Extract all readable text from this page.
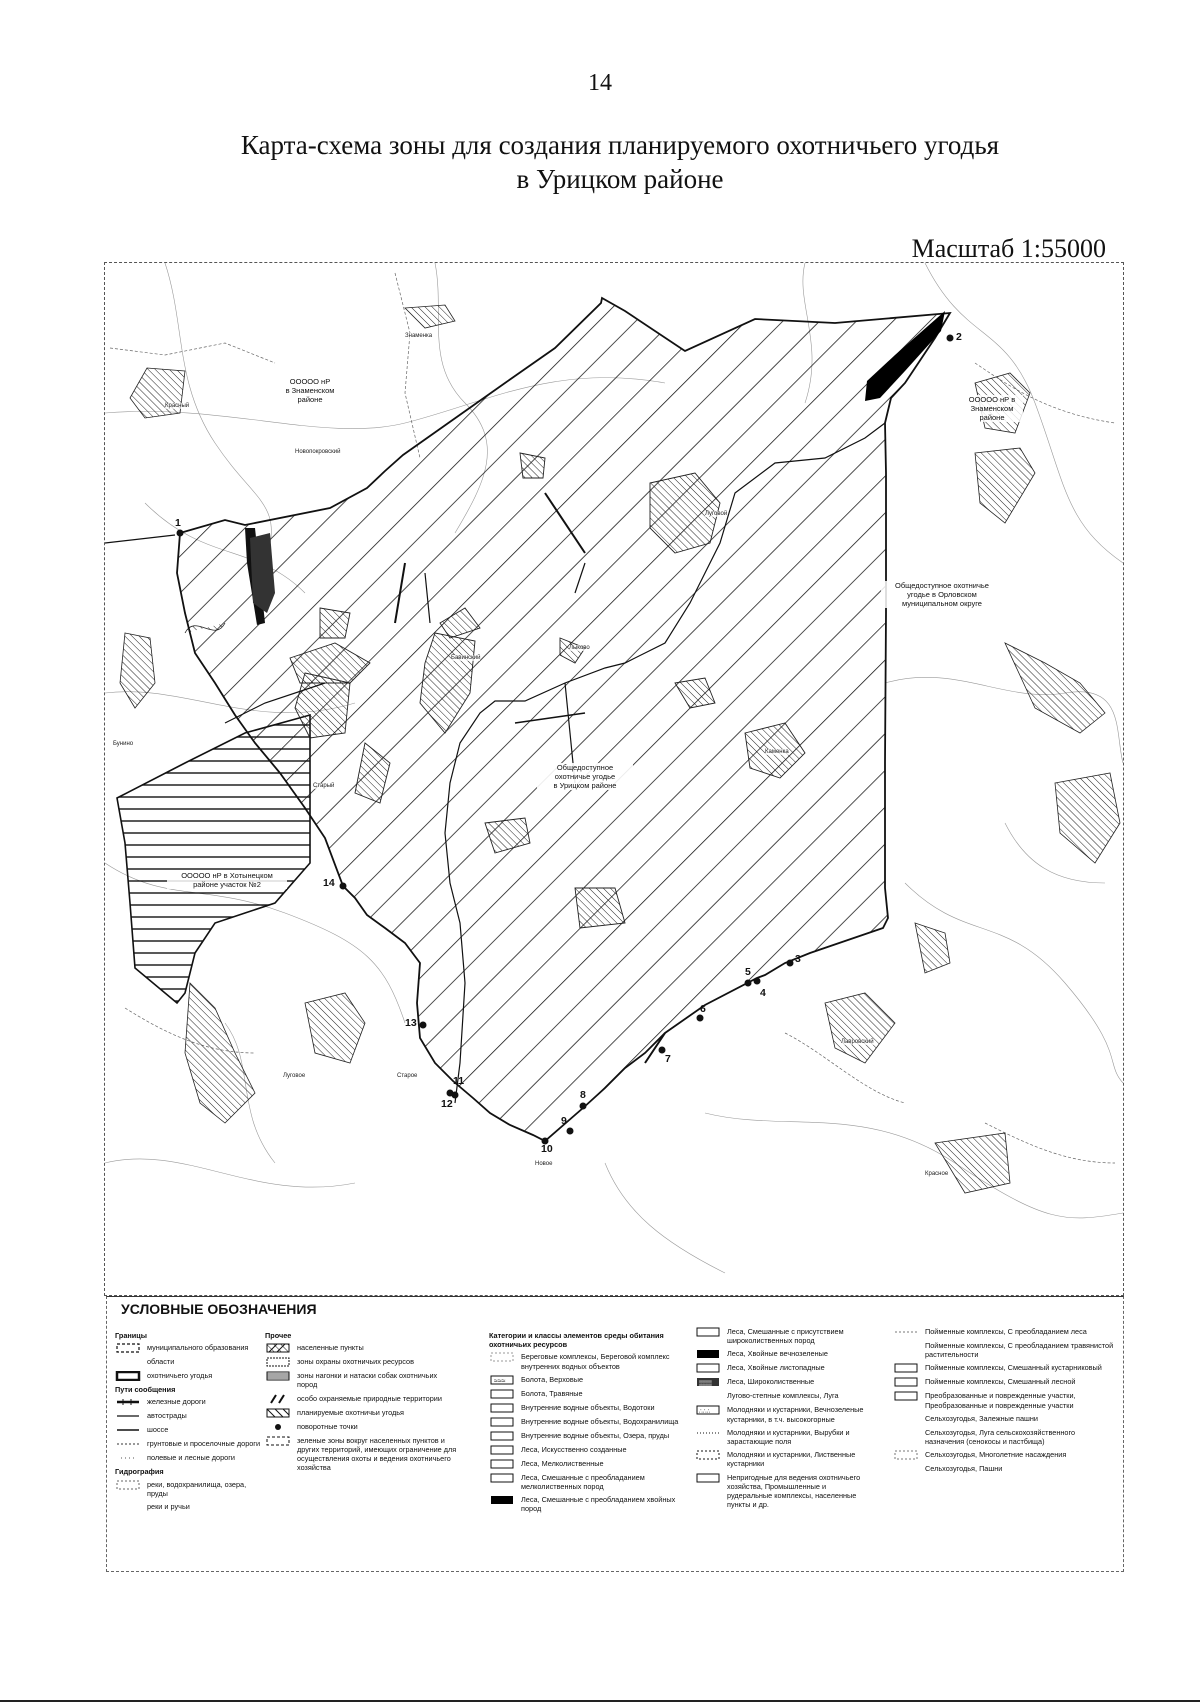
14
Карта-схема зоны для создания планируемого охотничьего угодья
в Урицком районе
Масштаб 1:55000
ООООО нР
в Знаменском
районе	ООООО нР в
Знаменском
районе
Общедоступное охотничье
угодье в Орловском
муниципальном округе
Общедоступное
охотничье угодье
в Урицком районе
ООООО нР в Хотынецком
районе участок №2
Новопокровский
Знаменка
Красный
Старый
Бавинский
Луговой
Лыково
Каменка
Бунино
Старое
Новое
Луговое
Красное
Лавровский
1
2
3
4
5
6
7
8
9
10
11
12
13
14
УСЛОВНЫЕ ОБОЗНАЧЕНИЯ
Границы
муниципального образования
области
охотничьего угодья
Пути сообщения
железные дороги
автострады
шоссе
грунтовые и проселочные дороги
полевые и лесные дороги
Гидрография
реки, водохранилища, озера, пруды
реки и ручьи
Прочее
населенные пункты
зоны охраны охотничьих ресурсов
зоны нагонки и натаски собак охотничьих пород
особо охраняемые природные территории
планируемые охотничьи угодья
поворотные точки
зеленые зоны вокруг населенных пунктов и других территорий, имеющих ограничение для осуществления охоты и ведения охотничьего хозяйства
Категории и классы элементов среды обитания охотничьих ресурсов
Береговые комплексы, Береговой комплекс внутренних водных объектов
≈≈≈ Болота, Верховые
Болота, Травяные
Внутренние водные объекты, Водотоки
Внутренние водные объекты, Водохранилища
Внутренние водные объекты, Озера, пруды
Леса, Искусственно созданные
Леса, Мелколиственные
Леса, Смешанные с преобладанием мелколиственных пород
Леса, Смешанные с преобладанием хвойных пород
Леса, Смешанные с присутствием широколиственных пород
Леса, Хвойные вечнозеленые
Леса, Хвойные листопадные
▒▒▒ Леса, Широколиственные
Лугово-степные комплексы, Луга
∴∴∴ Молодняки и кустарники, Вечнозеленые кустарники, в т.ч. высокогорные
Молодняки и кустарники, Вырубки и зарастающие поля
Молодняки и кустарники, Лиственные кустарники
Непригодные для ведения охотничьего хозяйства, Промышленные и рудеральные комплексы, населенные пункты и др.
Пойменные комплексы, С преобладанием леса
Пойменные комплексы, С преобладанием травянистой растительности
Пойменные комплексы, Смешанный кустарниковый
Пойменные комплексы, Смешанный лесной
Преобразованные и поврежденные участки, Преобразованные и поврежденные участки
Сельхозугодья, Залежные пашни
Сельхозугодья, Луга сельскохозяйственного назначения (сенокосы и пастбища)
Сельхозугодья, Многолетние насаждения
Сельхозугодья, Пашни
